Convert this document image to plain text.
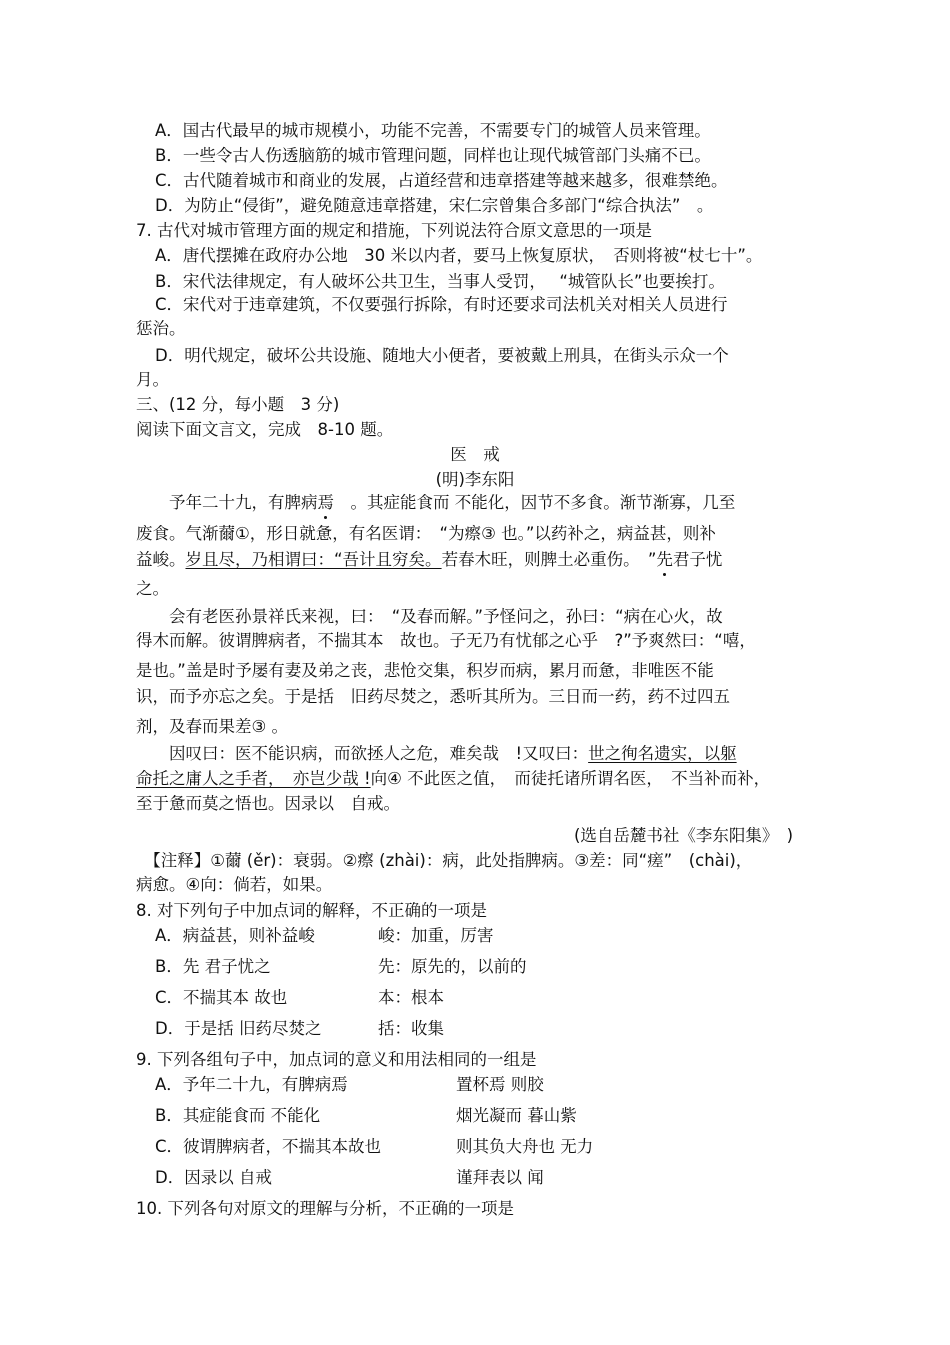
A．国古代最早的城市规模小，功能不完善，不需要专门的城管人员来管理。
B．一些令古人伤透脑筋的城市管理问题，同样也让现代城管部门头痛不已。
C．古代随着城市和商业的发展，占道经营和违章搭建等越来越多，很难禁绝。
D．为防止“侵街”，避免随意违章搭建，宋仁宗曾集合多部门“综合执法”　。
7. 古代对城市管理方面的规定和措施，下列说法符合原文意思的一项是
A．唐代摆摊在政府办公地　30 米以内者，要马上恢复原状，　否则将被“杖七十”。
B．宋代法律规定，有人破坏公共卫生，当事人受罚，　 “城管队长”也要挨打。
C．宋代对于违章建筑，不仅要强行拆除，有时还要求司法机关对相关人员进行
惩治。
D．明代规定，破坏公共设施、随地大小便者，要被戴上刑具，在街头示众一个
月。
三、(12 分，每小题　3 分)
阅读下面文言文，完成　8-10 题。
医　戒
(明)李东阳
　　予年二十九，有脾病焉　。其症能食而 不能化，因节不多食。渐节渐寡，几至
废食。气渐薾①，形日就惫，有名医谓：　“为瘵③ 也。”以药补之，病益甚，则补
益峻。岁且尽，乃相谓曰：“吾计且穷矣。若春木旺，则脾土必重伤。　”先君子忧
之。
　　会有老医孙景祥氏来视，曰：　“及春而解。”予怪问之，孙曰：“病在心火，故
得木而解。彼谓脾病者，不揣其本　故也。子无乃有忧郁之心乎　?”予爽然曰：“嘻，
是也。”盖是时予屡有妻及弟之丧，悲怆交集，积岁而病，累月而惫，非唯医不能
识，而予亦忘之矣。于是括　旧药尽焚之，悉听其所为。三日而一药，药不过四五
剂，及春而果差③ 。
　　因叹曰：医不能识病，而欲拯人之危，难矣哉　!又叹曰：世之徇名遗实，以躯
命托之庸人之手者，　亦岂少哉 !向④ 不此医之值，　而徒托诸所谓名医，　不当补而补，
至于惫而莫之悟也。因录以　自戒。
(选自岳麓书社《李东阳集》　)
　【注释】①薾 (ěr)：衰弱。②瘵 (zhài)：病，此处指脾病。③差：同“瘥”　(chài)，
病愈。④向：倘若，如果。
8. 对下列句子中加点词的解释，不正确的一项是
A．病益甚，则补益峻	峻：加重，厉害
B．先 君子忧之	先：原先的，以前的
C．不揣其本 故也	本：根本
D．于是括 旧药尽焚之	括：收集
9. 下列各组句子中，加点词的意义和用法相同的一组是
A．予年二十九，有脾病焉	置杯焉 则胶
B．其症能食而 不能化	烟光凝而 暮山紫
C．彼谓脾病者，不揣其本故也	则其负大舟也 无力
D．因录以 自戒	谨拜表以 闻
10. 下列各句对原文的理解与分析，不正确的一项是
